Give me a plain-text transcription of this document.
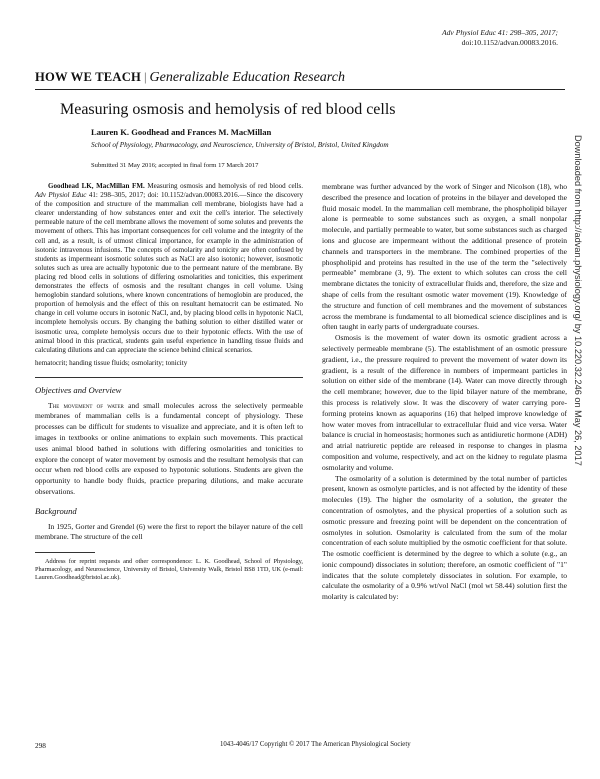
Adv Physiol Educ 41: 298–305, 2017;
doi:10.1152/advan.00083.2016.
HOW WE TEACH | Generalizable Education Research
Measuring osmosis and hemolysis of red blood cells
Lauren K. Goodhead and Frances M. MacMillan
School of Physiology, Pharmacology, and Neuroscience, University of Bristol, Bristol, United Kingdom
Submitted 31 May 2016; accepted in final form 17 March 2017

Goodhead LK, MacMillan FM. Measuring osmosis and hemolysis of red blood cells. Adv Physiol Educ 41: 298–305, 2017; doi: 10.1152/advan.00083.2016.—Since the discovery of the composition and structure of the mammalian cell membrane, biologists have had a clearer understanding of how substances enter and exit the cell's interior. The selectively permeable nature of the cell membrane allows the movement of some solutes and prevents the movement of others. This has important consequences for cell volume and the integrity of the cell and, as a result, is of utmost clinical importance, for example in the administration of isotonic intravenous infusions. The concepts of osmolarity and tonicity are often confused by students as impermeant isosmotic solutes such as NaCl are also isotonic; however, isosmotic solutes such as urea are actually hypotonic due to the permeant nature of the membrane. By placing red blood cells in solutions of differing osmolarities and tonicities, this experiment demonstrates the effects of osmosis and the resultant changes in cell volume. Using hemoglobin standard solutions, where known concentrations of hemoglobin are produced, the proportion of hemolysis and the effect of this on resultant hematocrit can be estimated. No change in cell volume occurs in isotonic NaCl, and, by placing blood cells in hypotonic NaCl, incomplete hemolysis occurs. By changing the bathing solution to either distilled water or isosmotic urea, complete hemolysis occurs due to their hypotonic effects. With the use of animal blood in this practical, students gain useful experience in handling tissue fluids and calculating dilutions and can appreciate the science behind clinical scenarios.

hematocrit; handing tissue fluids; osmolarity; tonicity

Objectives and Overview

The movement of water and small molecules across the selectively permeable membranes of mammalian cells is a fundamental concept of physiology. These processes can be difficult for students to visualize and appreciate, and it is often left to images in textbooks or online animations to explain such movements. This practical uses animal blood bathed in solutions with differing osmolarities and tonicities to explore the concept of water movement by osmosis and the resultant hemolysis that can occur when red blood cells are exposed to hypotonic solutions. Students are given the opportunity to handle body fluids, practice preparing dilutions, and make accurate observations.

Background

In 1925, Gorter and Grendel (6) were the first to report the bilayer nature of the cell membrane. The structure of the cell

Address for reprint requests and other correspondence: L. K. Goodhead, School of Physiology, Pharmacology, and Neuroscience, University of Bristol, University Walk, Bristol BS8 1TD, UK (e-mail: Lauren.Goodhead@bristol.ac.uk).

membrane was further advanced by the work of Singer and Nicolson (18), who described the presence and location of proteins in the bilayer and developed the fluid mosaic model. In the mammalian cell membrane, the phospholipid bilayer alone is permeable to some substances such as oxygen, a small nonpolar molecule, and partially permeable to water, but some substances such as charged ions and glucose are impermeant without the additional presence of protein channels and transporters in the membrane. The combined properties of the phospholipid and proteins has resulted in the use of the term the "selectively permeable" membrane (3, 9). The extent to which solutes can cross the cell membrane dictates the tonicity of extracellular fluids and, therefore, the size and shape of cells from the resultant osmotic water movement (19). Knowledge of the structure and function of cell membranes and the movement of substances across the membrane is fundamental to all biomedical science disciplines and is often taught in early parts of undergraduate courses.

Osmosis is the movement of water down its osmotic gradient across a selectively permeable membrane (5). The establishment of an osmotic pressure gradient, i.e., the pressure required to prevent the movement of water down its gradient, is a result of the difference in numbers of impermeant particles in solution on either side of the membrane (14). Water can move directly through the cell membrane; however, due to the lipid bilayer nature of the membrane, this process is relatively slow. It was the discovery of water carrying pore-forming proteins known as aquaporins (16) that helped improve knowledge of how water moves from intracellular to extracellular fluid and vice versa. Water balance is crucial in homeostasis; hormones such as antidiuretic hormone (ADH) and atrial natriuretic peptide are released in response to changes in plasma composition and volume, respectively, and act on the kidney to regulate plasma osmolarity and volume.

The osmolarity of a solution is determined by the total number of particles present, known as osmolyte particles, and is not affected by the identity of these molecules (19). The higher the osmolarity of a solution, the greater the concentration of osmolytes, and the physical properties of a solution such as osmotic pressure and freezing point will be dependent on the concentration of osmolytes in solution. Osmolarity is calculated from the sum of the molar concentration of each solute multiplied by the osmotic coefficient for that solute. The osmotic coefficient is determined by the degree to which a solute (e.g., an ionic compound) dissociates in solution; therefore, an osmotic coefficient of "1" indicates that the solute completely dissociates in solution. For example, to calculate the osmolarity of a 0.9% wt/vol NaCl (mol wt 58.44) solution first the molarity is calculated by:

298	1043-4046/17 Copyright © 2017 The American Physiological Society
Downloaded from http://advan.physiology.org/ by 10.220.32.246 on May 26, 2017
